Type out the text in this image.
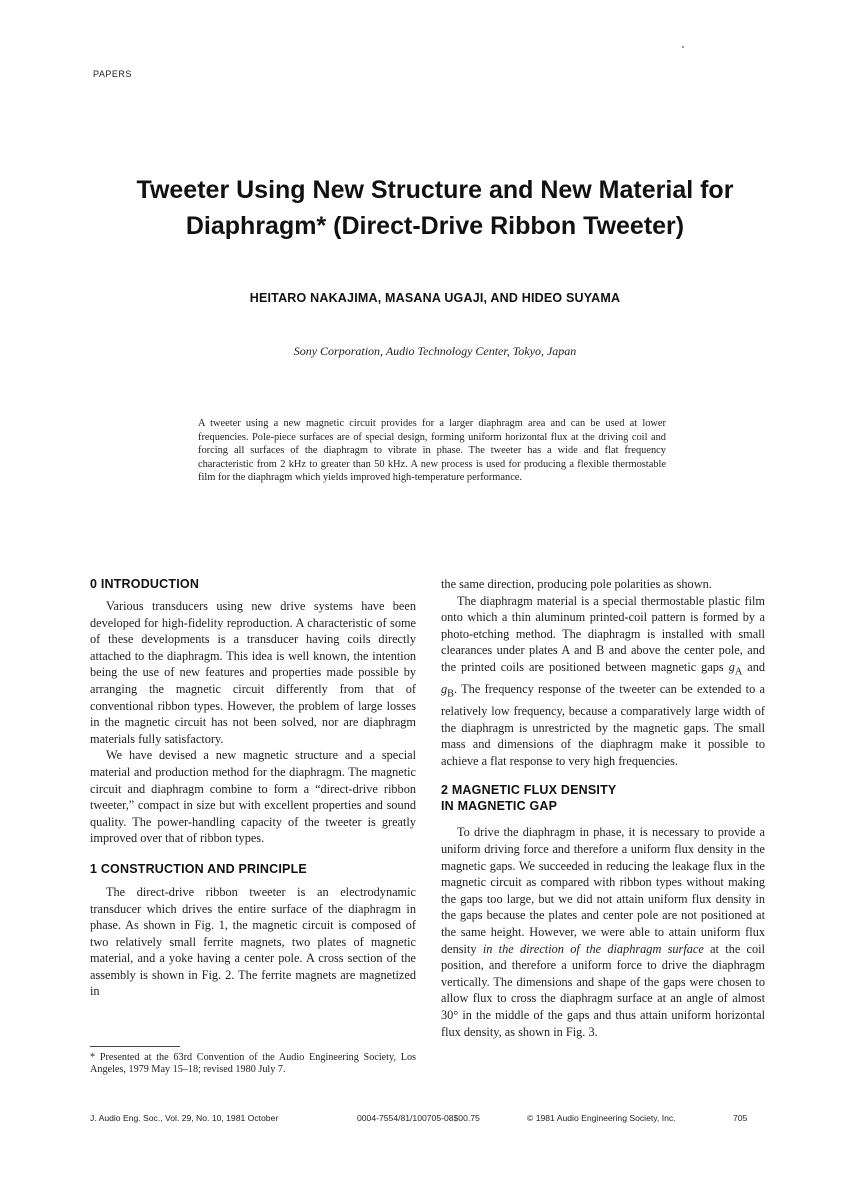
PAPERS
Tweeter Using New Structure and New Material for Diaphragm* (Direct-Drive Ribbon Tweeter)
HEITARO NAKAJIMA, MASANA UGAJI, AND HIDEO SUYAMA
Sony Corporation, Audio Technology Center, Tokyo, Japan
A tweeter using a new magnetic circuit provides for a larger diaphragm area and can be used at lower frequencies. Pole-piece surfaces are of special design, forming uniform horizontal flux at the driving coil and forcing all surfaces of the diaphragm to vibrate in phase. The tweeter has a wide and flat frequency characteristic from 2 kHz to greater than 50 kHz. A new process is used for producing a flexible thermostable film for the diaphragm which yields improved high-temperature performance.
0 INTRODUCTION

Various transducers using new drive systems have been developed for high-fidelity reproduction. A characteristic of some of these developments is a transducer having coils directly attached to the diaphragm. This idea is well known, the intention being the use of new features and properties made possible by arranging the magnetic circuit differently from that of conventional ribbon types. However, the problem of large losses in the magnetic circuit has not been solved, nor are diaphragm materials fully satisfactory.

We have devised a new magnetic structure and a special material and production method for the diaphragm. The magnetic circuit and diaphragm combine to form a “direct-drive ribbon tweeter,” compact in size but with excellent properties and sound quality. The power-handling capacity of the tweeter is greatly improved over that of ribbon types.

1 CONSTRUCTION AND PRINCIPLE

The direct-drive ribbon tweeter is an electrodynamic transducer which drives the entire surface of the diaphragm in phase. As shown in Fig. 1, the magnetic circuit is composed of two relatively small ferrite magnets, two plates of magnetic material, and a yoke having a center pole. A cross section of the assembly is shown in Fig. 2. The ferrite magnets are magnetized in

the same direction, producing pole polarities as shown.

The diaphragm material is a special thermostable plastic film onto which a thin aluminum printed-coil pattern is formed by a photo-etching method. The diaphragm is installed with small clearances under plates A and B and above the center pole, and the printed coils are positioned between magnetic gaps $g_A$ and $g_B$. The frequency response of the tweeter can be extended to a relatively low frequency, because a comparatively large width of the diaphragm is unrestricted by the magnetic gaps. The small mass and dimensions of the diaphragm make it possible to achieve a flat response to very high frequencies.

2 MAGNETIC FLUX DENSITY
IN MAGNETIC GAP

To drive the diaphragm in phase, it is necessary to provide a uniform driving force and therefore a uniform flux density in the magnetic gaps. We succeeded in reducing the leakage flux in the magnetic circuit as compared with ribbon types without making the gaps too large, but we did not attain uniform flux density in the gaps because the plates and center pole are not positioned at the same height. However, we were able to attain uniform flux density in the direction of the diaphragm surface at the coil position, and therefore a uniform force to drive the diaphragm vertically. The dimensions and shape of the gaps were chosen to allow flux to cross the diaphragm surface at an angle of almost 30° in the middle of the gaps and thus attain uniform horizontal flux density, as shown in Fig. 3.

* Presented at the 63rd Convention of the Audio Engineering Society, Los Angeles, 1979 May 15–18; revised 1980 July 7.
J. Audio Eng. Soc., Vol. 29, No. 10, 1981 October	0004-7554/81/100705-08$00.75	© 1981 Audio Engineering Society, Inc.	705
